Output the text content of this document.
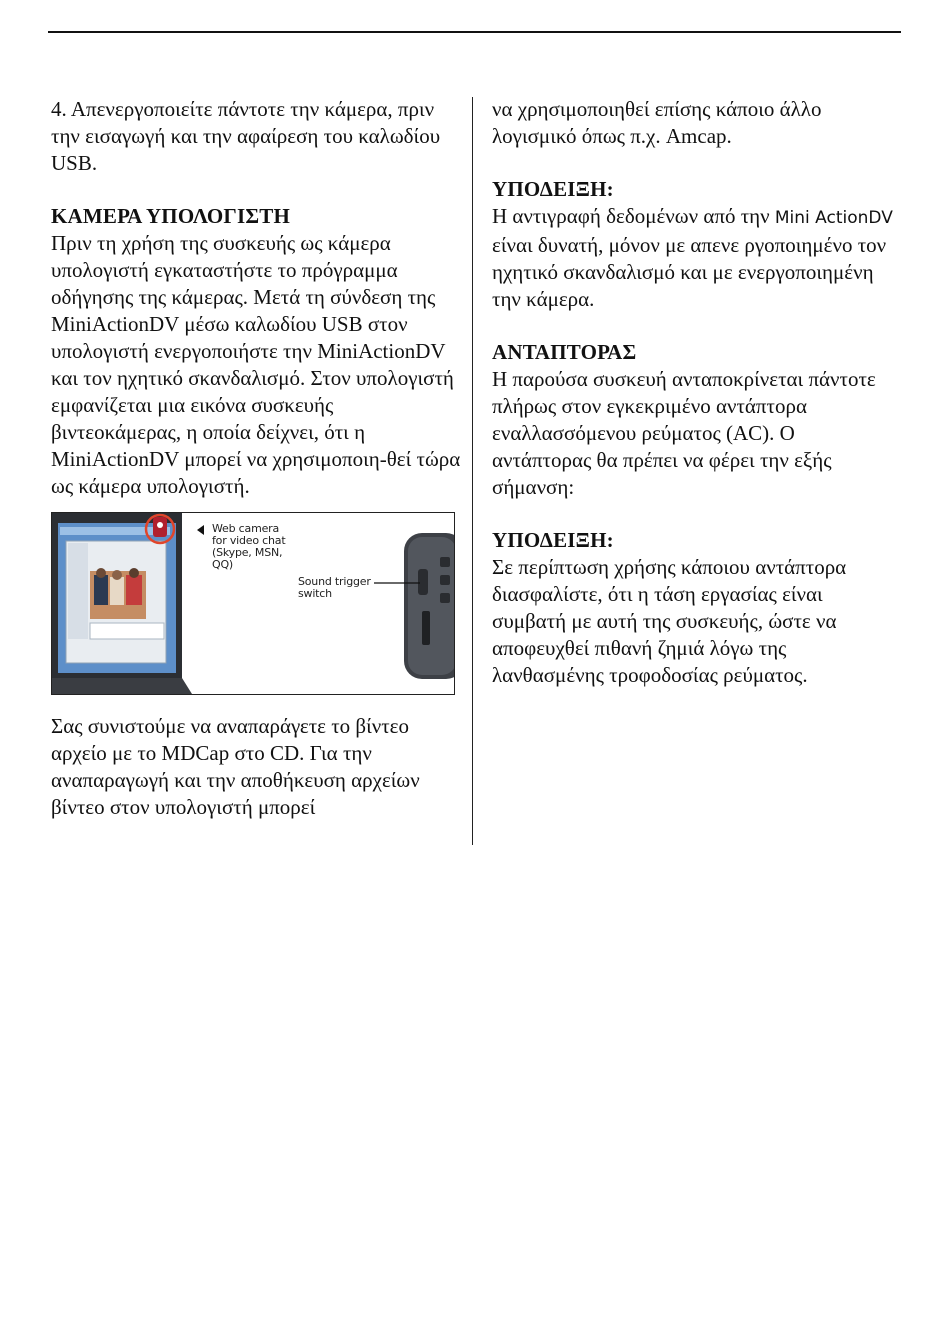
4. Απενεργοποιείτε πάντοτε την κάμερα, πριν την εισαγωγή και την αφαίρεση του καλωδίου USB.

ΚΑΜΕΡΑ ΥΠΟΛΟΓΙΣΤΗ

Πριν τη χρήση της συσκευής ως κάμερα υπολογιστή εγκαταστήστε το πρόγραμμα οδήγησης της κάμερας. Μετά τη σύνδεση της MiniActionDV μέσω καλωδίου USB στον υπολογιστή ενεργοποιήστε την MiniActionDV και τον ηχητικό σκανδαλισμό. Στον υπολογιστή εμφανίζεται μια εικόνα συσκευής βιντεοκάμερας, η οποία δείχνει, ότι η MiniActionDV μπορεί να χρησιμοποιη-θεί τώρα ως κάμερα υπολογιστή.

Web camera for video chat (Skype, MSN, QQ)
Sound trigger switch

Σας συνιστούμε να αναπαράγετε το βίντεο αρχείο με το MDCap στο CD. Για την αναπαραγωγή και την αποθήκευση αρχείων βίντεο στον υπολογιστή μπορεί

να χρησιμοποιηθεί επίσης κάποιο άλλο λογισμικό όπως π.χ. Amcap.

ΥΠΟΔΕΙΞΗ:

Η αντιγραφή δεδομένων από την Mini ActionDV είναι δυνατή, μόνον με απενε ργοποιημένο τον ηχητικό σκανδαλισμό και με ενεργοποιημένη την κάμερα.

ΑΝΤΑΠΤΟΡΑΣ

Η παρούσα συσκευή ανταποκρίνεται πάντοτε πλήρως στον εγκεκριμένο αντάπτορα εναλλασσόμενου ρεύματος (AC). Ο αντάπτορας θα πρέπει να φέρει την εξής σήμανση:

ΥΠΟΔΕΙΞΗ:

Σε περίπτωση χρήσης κάποιου αντάπτορα διασφαλίστε, ότι η τάση εργασίας είναι συμβατή με αυτή της συσκευής, ώστε να αποφευχθεί πιθανή ζημιά λόγω της λανθασμένης τροφοδοσίας ρεύματος.
